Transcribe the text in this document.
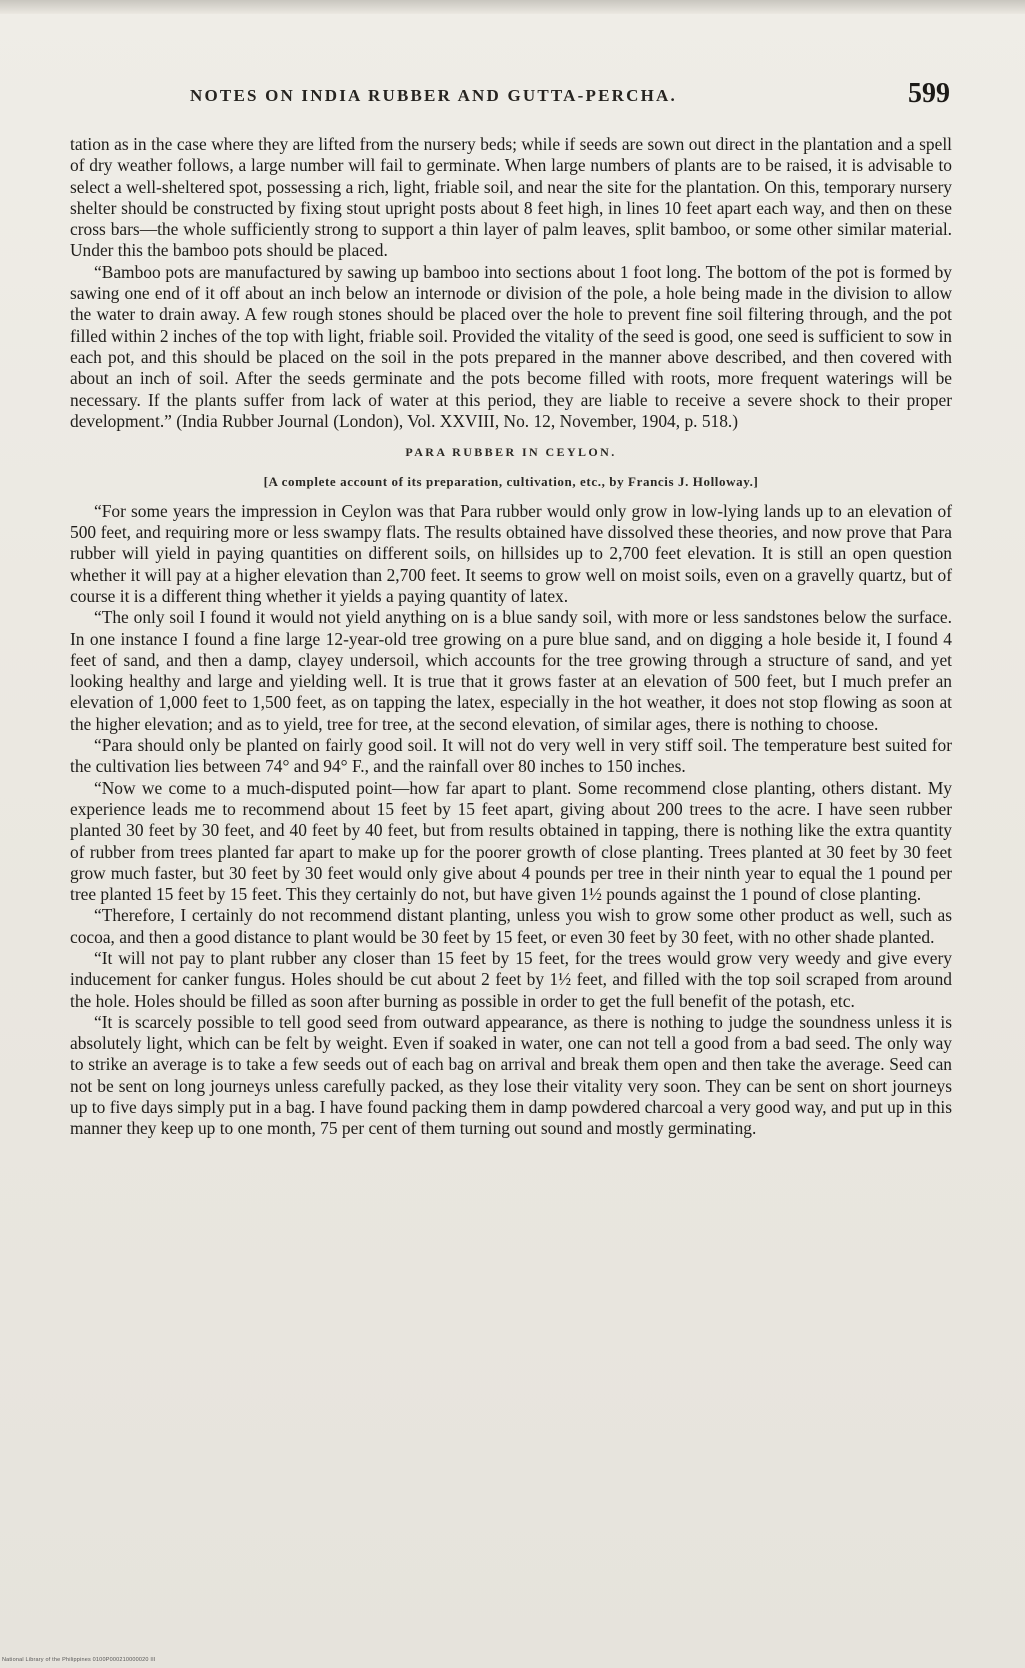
NOTES ON INDIA RUBBER AND GUTTA-PERCHA.	599

tation as in the case where they are lifted from the nursery beds; while if seeds are sown out direct in the plantation and a spell of dry weather follows, a large number will fail to germinate. When large numbers of plants are to be raised, it is advisable to select a well-sheltered spot, possessing a rich, light, friable soil, and near the site for the plantation. On this, temporary nursery shelter should be constructed by fixing stout upright posts about 8 feet high, in lines 10 feet apart each way, and then on these cross bars—the whole sufficiently strong to support a thin layer of palm leaves, split bamboo, or some other similar material. Under this the bamboo pots should be placed.

“Bamboo pots are manufactured by sawing up bamboo into sections about 1 foot long. The bottom of the pot is formed by sawing one end of it off about an inch below an internode or division of the pole, a hole being made in the division to allow the water to drain away. A few rough stones should be placed over the hole to prevent fine soil filtering through, and the pot filled within 2 inches of the top with light, friable soil. Provided the vitality of the seed is good, one seed is sufficient to sow in each pot, and this should be placed on the soil in the pots prepared in the manner above described, and then covered with about an inch of soil. After the seeds germinate and the pots become filled with roots, more frequent waterings will be necessary. If the plants suffer from lack of water at this period, they are liable to receive a severe shock to their proper development.” (India Rubber Journal (London), Vol. XXVIII, No. 12, November, 1904, p. 518.)

PARA RUBBER IN CEYLON.
[A complete account of its preparation, cultivation, etc., by Francis J. Holloway.]

“For some years the impression in Ceylon was that Para rubber would only grow in low-lying lands up to an elevation of 500 feet, and requiring more or less swampy flats. The results obtained have dissolved these theories, and now prove that Para rubber will yield in paying quantities on different soils, on hillsides up to 2,700 feet elevation. It is still an open question whether it will pay at a higher elevation than 2,700 feet. It seems to grow well on moist soils, even on a gravelly quartz, but of course it is a different thing whether it yields a paying quantity of latex.

“The only soil I found it would not yield anything on is a blue sandy soil, with more or less sandstones below the surface. In one instance I found a fine large 12-year-old tree growing on a pure blue sand, and on digging a hole beside it, I found 4 feet of sand, and then a damp, clayey undersoil, which accounts for the tree growing through a structure of sand, and yet looking healthy and large and yielding well. It is true that it grows faster at an elevation of 500 feet, but I much prefer an elevation of 1,000 feet to 1,500 feet, as on tapping the latex, especially in the hot weather, it does not stop flowing as soon at the higher elevation; and as to yield, tree for tree, at the second elevation, of similar ages, there is nothing to choose.

“Para should only be planted on fairly good soil. It will not do very well in very stiff soil. The temperature best suited for the cultivation lies between 74° and 94° F., and the rainfall over 80 inches to 150 inches.

“Now we come to a much-disputed point—how far apart to plant. Some recommend close planting, others distant. My experience leads me to recommend about 15 feet by 15 feet apart, giving about 200 trees to the acre. I have seen rubber planted 30 feet by 30 feet, and 40 feet by 40 feet, but from results obtained in tapping, there is nothing like the extra quantity of rubber from trees planted far apart to make up for the poorer growth of close planting. Trees planted at 30 feet by 30 feet grow much faster, but 30 feet by 30 feet would only give about 4 pounds per tree in their ninth year to equal the 1 pound per tree planted 15 feet by 15 feet. This they certainly do not, but have given 1½ pounds against the 1 pound of close planting.

“Therefore, I certainly do not recommend distant planting, unless you wish to grow some other product as well, such as cocoa, and then a good distance to plant would be 30 feet by 15 feet, or even 30 feet by 30 feet, with no other shade planted.

“It will not pay to plant rubber any closer than 15 feet by 15 feet, for the trees would grow very weedy and give every inducement for canker fungus. Holes should be cut about 2 feet by 1½ feet, and filled with the top soil scraped from around the hole. Holes should be filled as soon after burning as possible in order to get the full benefit of the potash, etc.

“It is scarcely possible to tell good seed from outward appearance, as there is nothing to judge the soundness unless it is absolutely light, which can be felt by weight. Even if soaked in water, one can not tell a good from a bad seed. The only way to strike an average is to take a few seeds out of each bag on arrival and break them open and then take the average. Seed can not be sent on long journeys unless carefully packed, as they lose their vitality very soon. They can be sent on short journeys up to five days simply put in a bag. I have found packing them in damp powdered charcoal a very good way, and put up in this manner they keep up to one month, 75 per cent of them turning out sound and mostly germinating.

National Library of the Philippines 0100P000210000020 III
